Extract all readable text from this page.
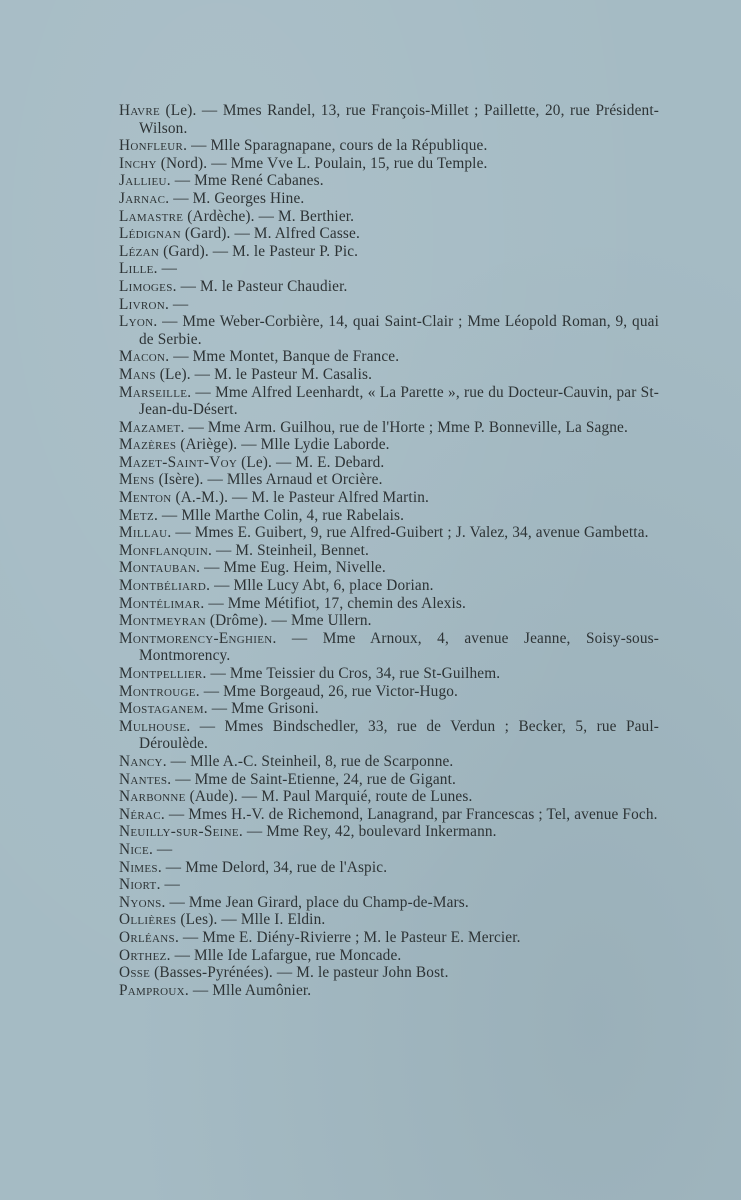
Havre (Le). — Mmes Randel, 13, rue François-Millet ; Paillette, 20, rue Président-Wilson.

Honfleur. — Mlle Sparagnapane, cours de la République.

Inchy (Nord). — Mme Vve L. Poulain, 15, rue du Temple.

Jallieu. — Mme René Cabanes.

Jarnac. — M. Georges Hine.

Lamastre (Ardèche). — M. Berthier.

Lédignan (Gard). — M. Alfred Casse.

Lézan (Gard). — M. le Pasteur P. Pic.

Lille. —

Limoges. — M. le Pasteur Chaudier.

Livron. —

Lyon. — Mme Weber-Corbière, 14, quai Saint-Clair ; Mme Léopold Roman, 9, quai de Serbie.

Macon. — Mme Montet, Banque de France.

Mans (Le). — M. le Pasteur M. Casalis.

Marseille. — Mme Alfred Leenhardt, « La Parette », rue du Docteur-Cauvin, par St-Jean-du-Désert.

Mazamet. — Mme Arm. Guilhou, rue de l'Horte ; Mme P. Bonneville, La Sagne.

Mazères (Ariège). — Mlle Lydie Laborde.

Mazet-Saint-Voy (Le). — M. E. Debard.

Mens (Isère). — Mlles Arnaud et Orcière.

Menton (A.-M.). — M. le Pasteur Alfred Martin.

Metz. — Mlle Marthe Colin, 4, rue Rabelais.

Millau. — Mmes E. Guibert, 9, rue Alfred-Guibert ; J. Valez, 34, avenue Gambetta.

Monflanquin. — M. Steinheil, Bennet.

Montauban. — Mme Eug. Heim, Nivelle.

Montbéliard. — Mlle Lucy Abt, 6, place Dorian.

Montélimar. — Mme Métifiot, 17, chemin des Alexis.

Montmeyran (Drôme). — Mme Ullern.

Montmorency-Enghien. — Mme Arnoux, 4, avenue Jeanne, Soisy-sous-Montmorency.

Montpellier. — Mme Teissier du Cros, 34, rue St-Guilhem.

Montrouge. — Mme Borgeaud, 26, rue Victor-Hugo.

Mostaganem. — Mme Grisoni.

Mulhouse. — Mmes Bindschedler, 33, rue de Verdun ; Becker, 5, rue Paul-Déroulède.

Nancy. — Mlle A.-C. Steinheil, 8, rue de Scarponne.

Nantes. — Mme de Saint-Etienne, 24, rue de Gigant.

Narbonne (Aude). — M. Paul Marquié, route de Lunes.

Nérac. — Mmes H.-V. de Richemond, Lanagrand, par Francescas ; Tel, avenue Foch.

Neuilly-sur-Seine. — Mme Rey, 42, boulevard Inkermann.

Nice. —

Nimes. — Mme Delord, 34, rue de l'Aspic.

Niort. —

Nyons. — Mme Jean Girard, place du Champ-de-Mars.

Ollières (Les). — Mlle I. Eldin.

Orléans. — Mme E. Diény-Rivierre ; M. le Pasteur E. Mercier.

Orthez. — Mlle Ide Lafargue, rue Moncade.

Osse (Basses-Pyrénées). — M. le pasteur John Bost.

Pamproux. — Mlle Aumônier.
